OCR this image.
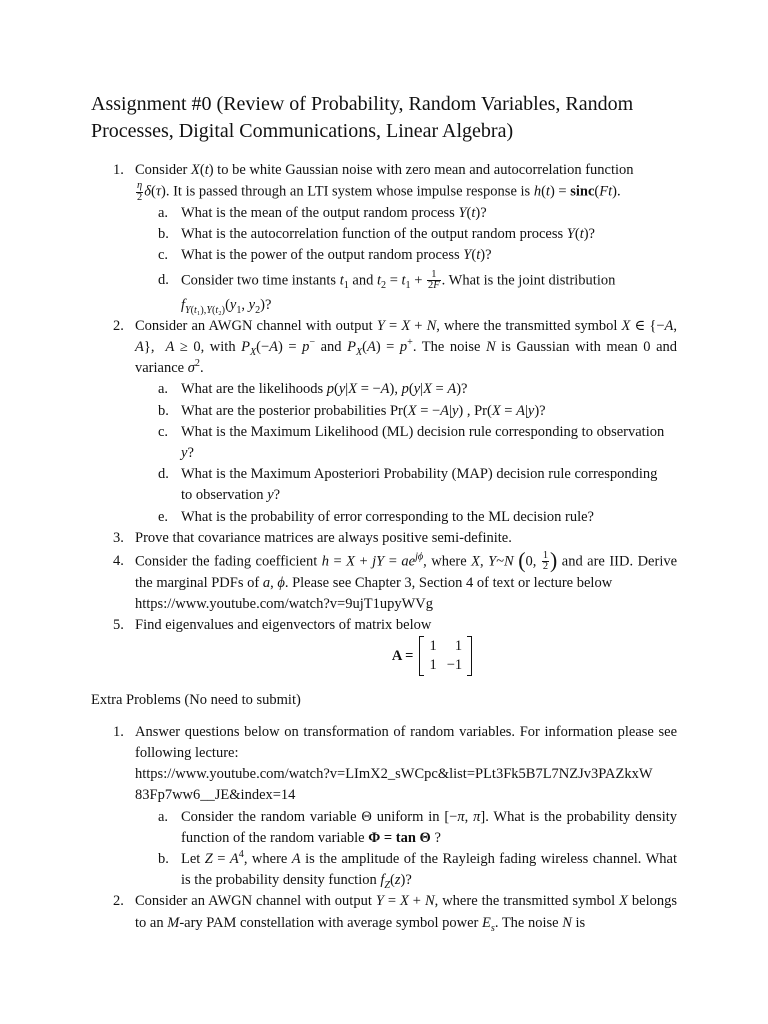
Assignment #0 (Review of Probability, Random Variables, Random Processes, Digital Communications, Linear Algebra)
1. Consider X(t) to be white Gaussian noise with zero mean and autocorrelation function
$\frac{\eta}{2} \delta(\tau)$. It is passed through an LTI system whose impulse response is h(t) = sinc(Ft).
a. What is the mean of the output random process Y(t)?
b. What is the autocorrelation function of the output random process Y(t)?
c. What is the power of the output random process Y(t)?
d. Consider two time instants $t_1$ and $t_2 = t_1 + \frac{1}{2F}$ . What is the joint distribution
$f_{Y(t_1),Y(t_2)}(y_1$, $y_2$)?
2. Consider an AWGN channel with output Y = X + N, where the transmitted symbol X ∈ {−A, A},  A ≥ 0, with $P_X(-A) = p^-$ and $P_X(A) = p^+$. The noise N is Gaussian with mean 0 and variance $\sigma^2$.
a. What are the likelihoods p(y|X = −A), p(y|X = A)?
b. What are the posterior probabilities Pr(X = −A|y) , Pr(X = A|y)?
c. What is the Maximum Likelihood (ML) decision rule corresponding to observation
y?
d. What is the Maximum Aposteriori Probability (MAP) decision rule corresponding
to observation y?
e. What is the probability of error corresponding to the ML decision rule?
3. Prove that covariance matrices are always positive semi-definite.
4. Consider the fading coefficient h = X + jY = $ae^{j\phi}$, where X, Y~N (0, $\frac{1}{2}$ ) and are IID. Derive the marginal PDFs of a, ϕ. Please see Chapter 3, Section 4 of text or lecture below
https://www.youtube.com/watch?v=9ujT1upyWVg
5. Find eigenvalues and eigenvectors of matrix below
A =
1	1
1	−1
Extra Problems (No need to submit)
1. Answer questions below on transformation of random variables. For information please see following lecture:
https://www.youtube.com/watch?v=LImX2_sWCpc&list=PLt3Fk5B7L7NZJv3PAZkxW
83Fp7ww6__JE&index=14
a. Consider the random variable Θ uniform in [−π, π]. What is the probability density function of the random variable Φ = tan Θ ?
b. Let $Z = A^4$, where A is the amplitude of the Rayleigh fading wireless channel. What is the probability density function $f_Z(z)$?
2. Consider an AWGN channel with output Y = X + N, where the transmitted symbol X belongs to an M-ary PAM constellation with average symbol power $E_s$. The noise N is
